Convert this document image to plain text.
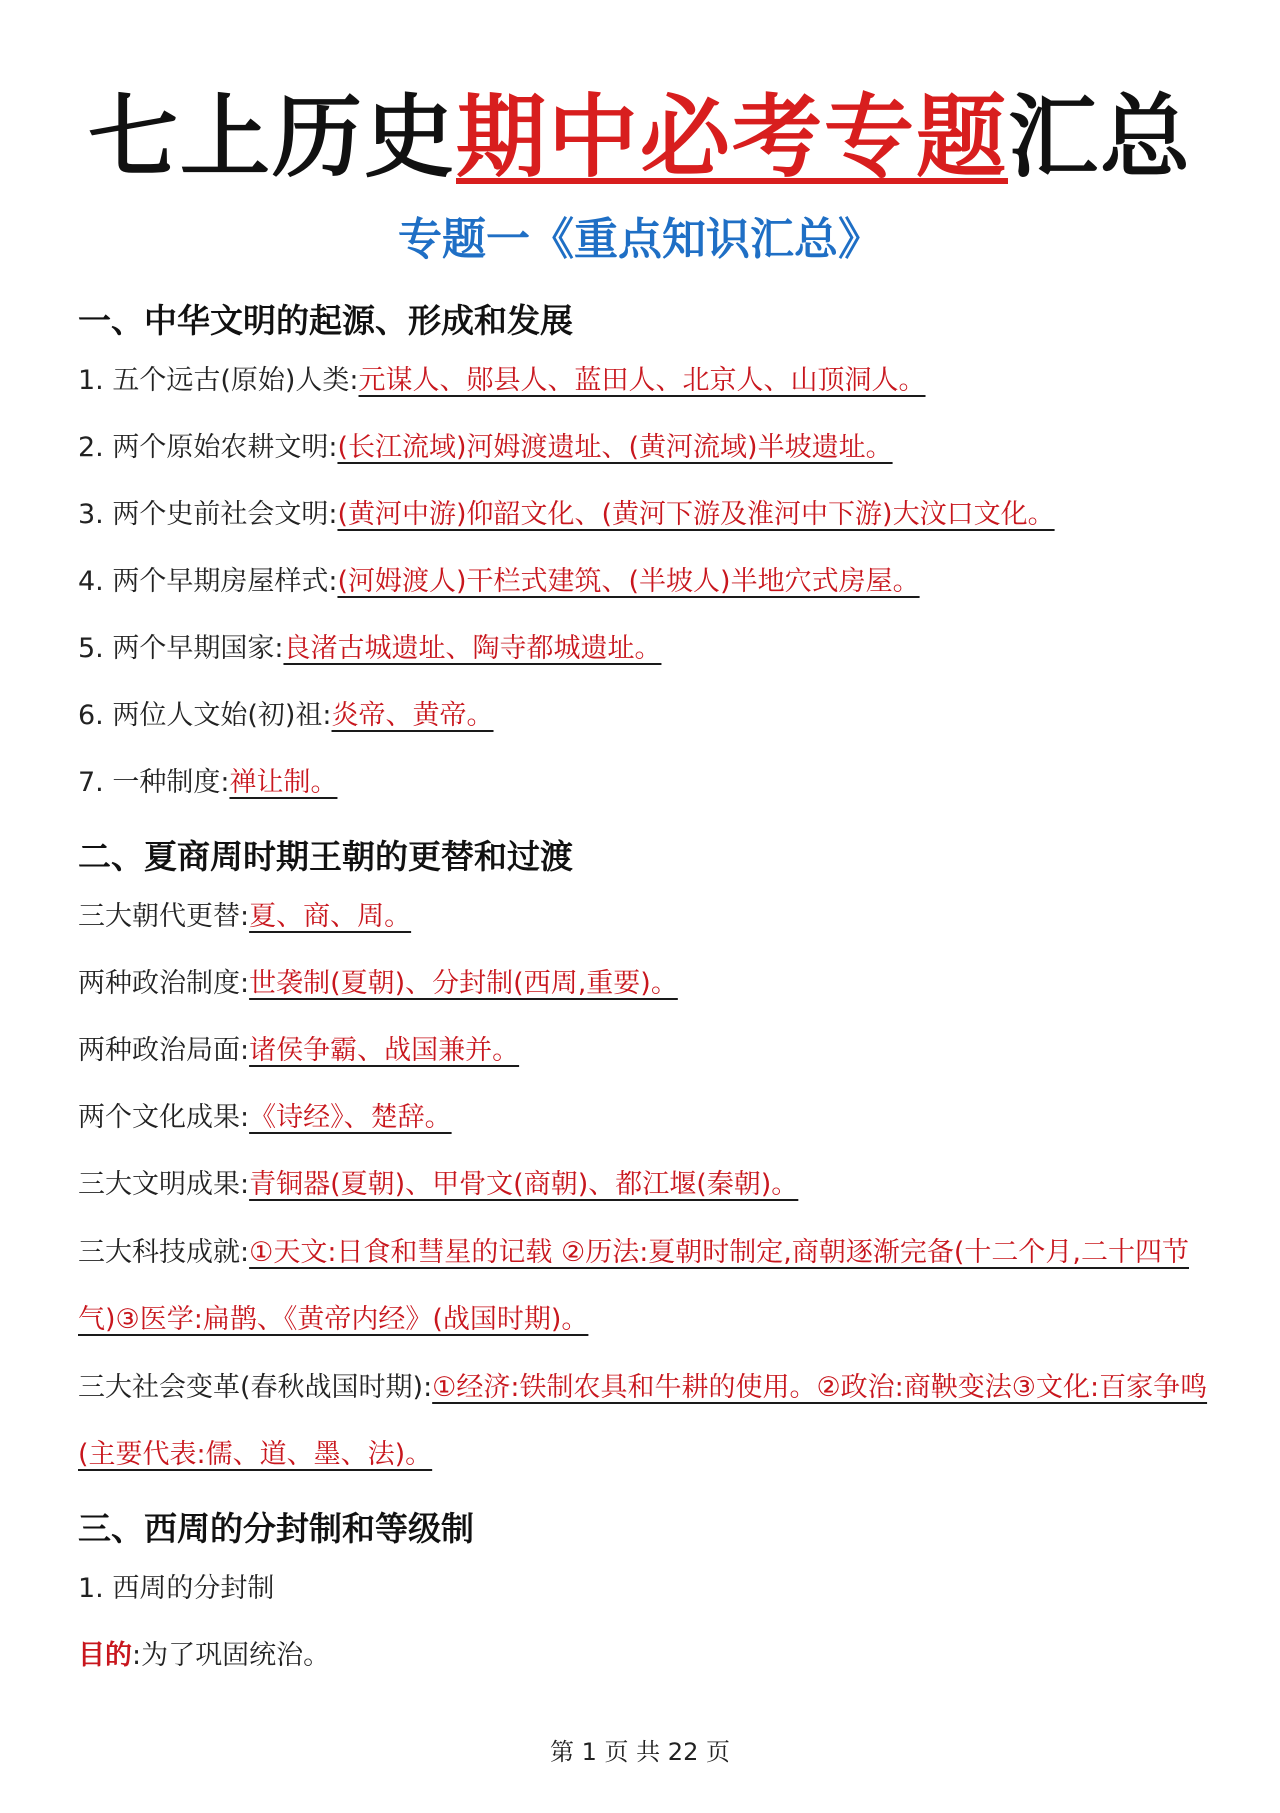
七上历史期中必考专题汇总
专题一《重点知识汇总》
一、中华文明的起源、形成和发展
1. 五个远古(原始)人类:元谋人、郧县人、蓝田人、北京人、山顶洞人。
2. 两个原始农耕文明:(长江流域)河姆渡遗址、(黄河流域)半坡遗址。
3. 两个史前社会文明:(黄河中游)仰韶文化、(黄河下游及淮河中下游)大汶口文化。
4. 两个早期房屋样式:(河姆渡人)干栏式建筑、(半坡人)半地穴式房屋。
5. 两个早期国家:良渚古城遗址、陶寺都城遗址。
6. 两位人文始(初)祖:炎帝、黄帝。
7. 一种制度:禅让制。
二、夏商周时期王朝的更替和过渡
三大朝代更替:夏、商、周。
两种政治制度:世袭制(夏朝)、分封制(西周,重要)。
两种政治局面:诸侯争霸、战国兼并。
两个文化成果:《诗经》、楚辞。
三大文明成果:青铜器(夏朝)、甲骨文(商朝)、都江堰(秦朝)。
三大科技成就:①天文:日食和彗星的记载 ②历法:夏朝时制定,商朝逐渐完备(十二个月,二十四节气)③医学:扁鹊、《黄帝内经》(战国时期)。
三大社会变革(春秋战国时期):①经济:铁制农具和牛耕的使用。②政治:商鞅变法③文化:百家争鸣(主要代表:儒、道、墨、法)。
三、西周的分封制和等级制
1. 西周的分封制
目的:为了巩固统治。
第 1 页 共 22 页
